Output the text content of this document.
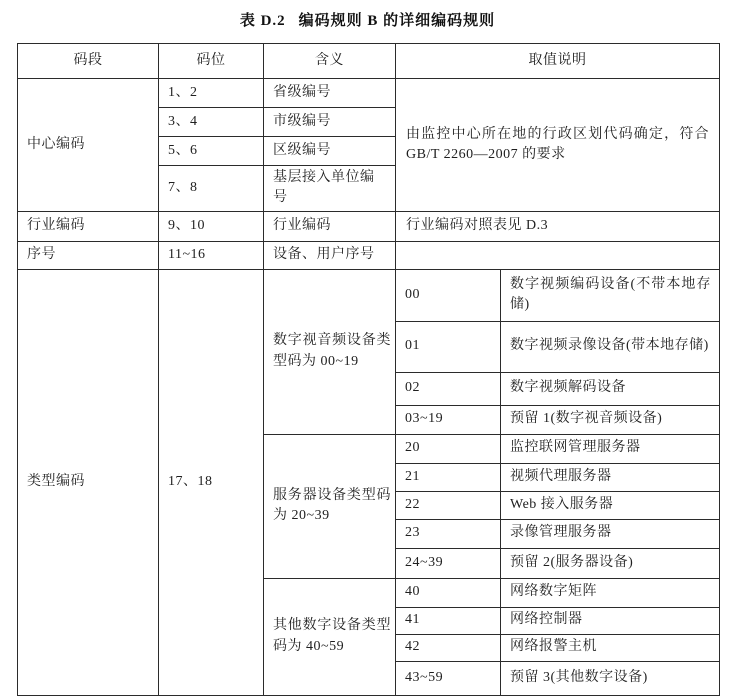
表 D.2 编码规则 B 的详细编码规则
码段	码位	含义	取值说明	
中心编码	1、2	省级编号	由监控中心所在地的行政区划代码确定，符合
GB/T 2260—2007 的要求	

	3、4	市级编号		
	5、6	区级编号		
	7、8	基层接入单位编号		
行业编码	9、10	行业编码	行业编码对照表见 D.3	
序号	11~16	设备、用户序号		
类型编码	17、18	数字视音频设备类型码为 00~19	00	数字视频编码设备(不带本地存储)
			01	数字视频录像设备(带本地存储)
			02	数字视频解码设备
			03~19	预留 1(数字视音频设备)
		服务器设备类型码为 20~39	20	监控联网管理服务器
			21	视频代理服务器
			22	Web 接入服务器
			23	录像管理服务器
			24~39	预留 2(服务器设备)
		其他数字设备类型码为 40~59	40	网络数字矩阵
			41	网络控制器
			42	网络报警主机
			43~59	预留 3(其他数字设备)
